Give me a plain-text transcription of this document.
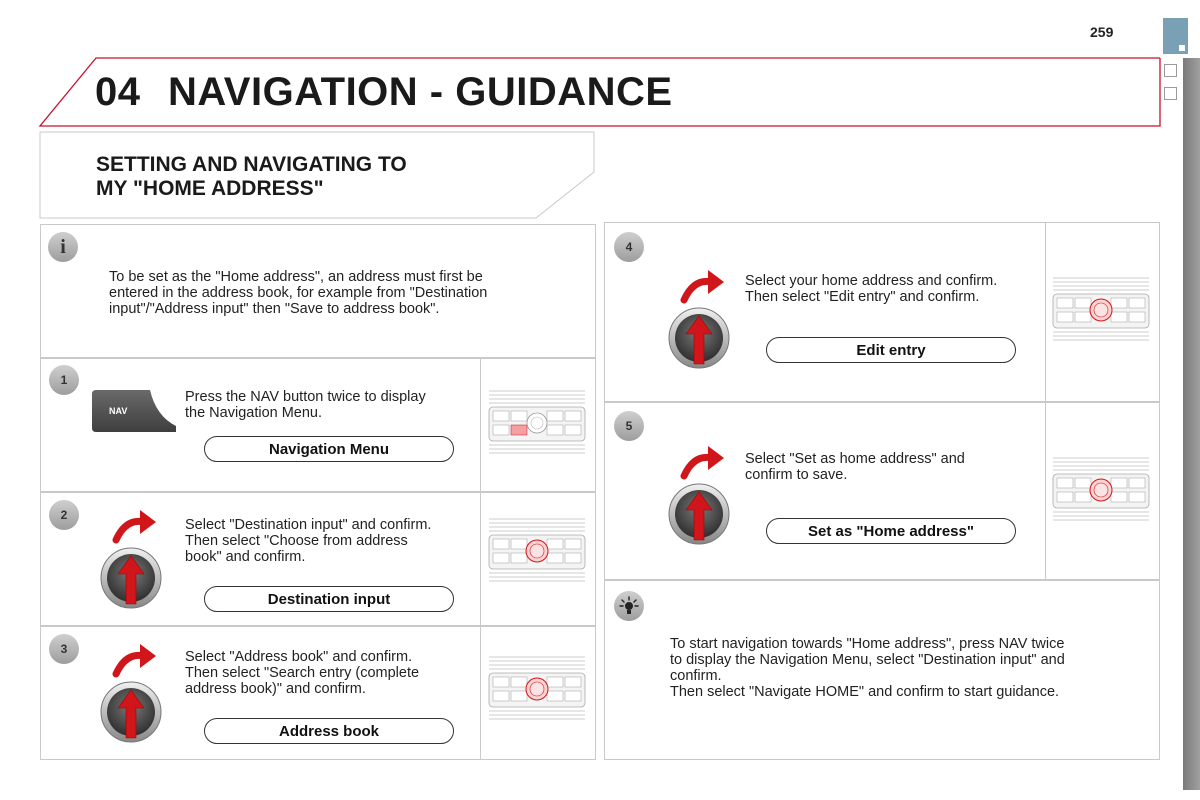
259
04 NAVIGATION - GUIDANCE
SETTING AND NAVIGATING TO
MY "HOME ADDRESS"
i
To be set as the "Home address", an address must first be
entered in the address book, for example from "Destination
input"/"Address input" then "Save to address book".
1
NAV
Press the NAV button twice to display
the Navigation Menu.
Navigation Menu
2
Select "Destination input" and confirm.
Then select "Choose from address
book" and confirm.
Destination input
3	Select "Address book" and confirm.
Then select "Search entry (complete
address book)" and confirm.
Address book
4
Select your home address and confirm.
Then select "Edit entry" and confirm.
Edit entry
5
Select "Set as home address" and
confirm to save.
Set as "Home address"
To start navigation towards "Home address", press NAV twice
to display the Navigation Menu, select "Destination input" and
confirm.
Then select "Navigate HOME" and confirm to start guidance.
